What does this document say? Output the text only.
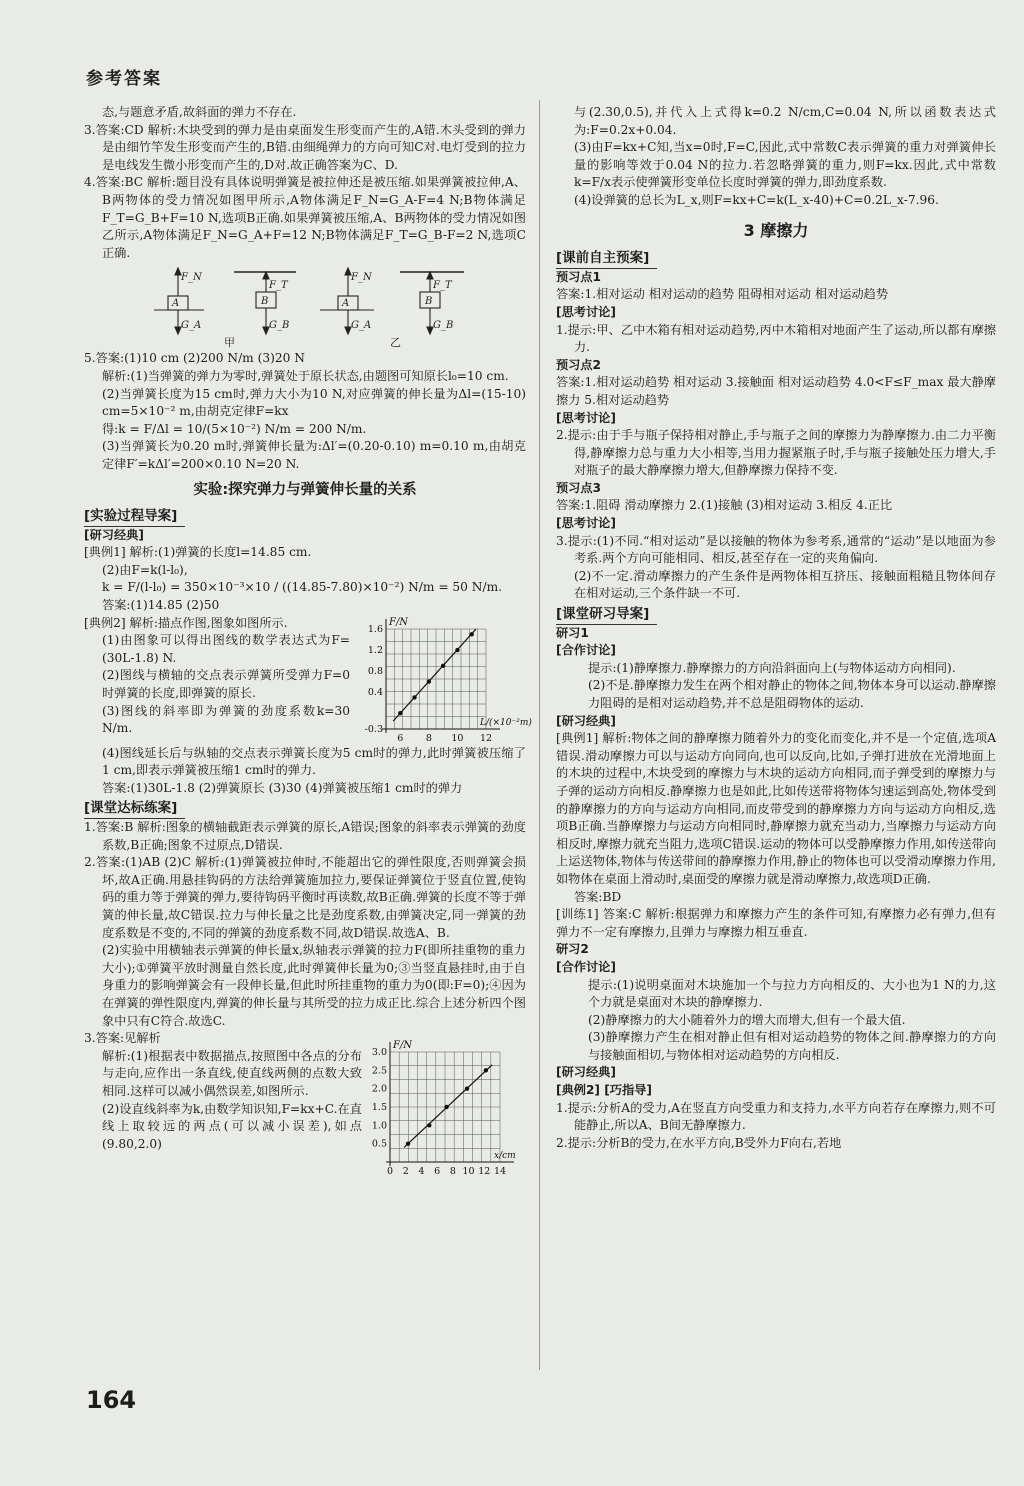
参考答案

态,与题意矛盾,故斜面的弹力不存在.

3.答案:CD 解析:木块受到的弹力是由桌面发生形变而产生的,A错.木头受到的弹力是由细竹竿发生形变而产生的,B错.由细绳弹力的方向可知C对.电灯受到的拉力是电线发生微小形变而产生的,D对.故正确答案为C、D.

4.答案:BC 解析:题目没有具体说明弹簧是被拉伸还是被压缩.如果弹簧被拉伸,A、B两物体的受力情况如图甲所示,A物体满足F_N=G_A-F=4 N;B物体满足F_T=G_B+F=10 N,选项B正确.如果弹簧被压缩,A、B两物体的受力情况如图乙所示,A物体满足F_N=G_A+F=12 N;B物体满足F_T=G_B-F=2 N,选项C正确.

F_N
A
G_A
F_T
B
G_B
F_N
A
G_A
F_T
B
G_B
甲	乙

5.答案:(1)10 cm (2)200 N/m (3)20 N

解析:(1)当弹簧的弹力为零时,弹簧处于原长状态,由题图可知原长l₀=10 cm.

(2)当弹簧长度为15 cm时,弹力大小为10 N,对应弹簧的伸长量为Δl=(15-10) cm=5×10⁻² m,由胡克定律F=kx

得:k = F/Δl = 10/(5×10⁻²) N/m = 200 N/m.

(3)当弹簧长为0.20 m时,弹簧伸长量为:Δl′=(0.20-0.10) m=0.10 m,由胡克定律F′=kΔl′=200×0.10 N=20 N.

实验:探究弹力与弹簧伸长量的关系
[实验过程导案]

[研习经典]

[典例1] 解析:(1)弹簧的长度l=14.85 cm.

(2)由F=k(l-l₀),

k = F/(l-l₀) = 350×10⁻³×10 / ((14.85-7.80)×10⁻²) N/m = 50 N/m.

答案:(1)14.85 (2)50

[典例2] 解析:描点作图,图象如图所示.

(1)由图象可以得出图线的数学表达式为F=(30L-1.8) N.

(2)图线与横轴的交点表示弹簧所受弹力F=0时弹簧的长度,即弹簧的原长.

(3)图线的斜率即为弹簧的劲度系数k=30 N/m.

F/N
L/(×10⁻²m)
1.6
1.2
0.8
0.4
-0.3
6 8 10 12

(4)图线延长后与纵轴的交点表示弹簧长度为5 cm时的弹力,此时弹簧被压缩了1 cm,即表示弹簧被压缩1 cm时的弹力.

答案:(1)30L-1.8 (2)弹簧原长 (3)30 (4)弹簧被压缩1 cm时的弹力

[课堂达标练案]

1.答案:B 解析:图象的横轴截距表示弹簧的原长,A错误;图象的斜率表示弹簧的劲度系数,B正确;图象不过原点,D错误.

2.答案:(1)AB (2)C 解析:(1)弹簧被拉伸时,不能超出它的弹性限度,否则弹簧会损坏,故A正确.用悬挂钩码的方法给弹簧施加拉力,要保证弹簧位于竖直位置,使钩码的重力等于弹簧的弹力,要待钩码平衡时再读数,故B正确.弹簧的长度不等于弹簧的伸长量,故C错误.拉力与伸长量之比是劲度系数,由弹簧决定,同一弹簧的劲度系数是不变的,不同的弹簧的劲度系数不同,故D错误.故选A、B.

(2)实验中用横轴表示弹簧的伸长量x,纵轴表示弹簧的拉力F(即所挂重物的重力大小);①弹簧平放时测量自然长度,此时弹簧伸长量为0;③当竖直悬挂时,由于自身重力的影响弹簧会有一段伸长量,但此时所挂重物的重力为0(即:F=0);④因为在弹簧的弹性限度内,弹簧的伸长量与其所受的拉力成正比.综合上述分析四个图象中只有C符合.故选C.

3.答案:见解析

解析:(1)根据表中数据描点,按照图中各点的分布与走向,应作出一条直线,使直线两侧的点数大致相同.这样可以减小偶然误差,如图所示.

(2)设直线斜率为k,由数学知识知,F=kx+C.在直线上取较远的两点(可以减小误差),如点(9.80,2.0)

F/N
x/cm
3.0
2.5
2.0
1.5
1.0
0.5
0 2 4 6 8 10 12 14

与(2.30,0.5),并代入上式得k=0.2 N/cm,C=0.04 N,所以函数表达式为:F=0.2x+0.04.

(3)由F=kx+C知,当x=0时,F=C,因此,式中常数C表示弹簧的重力对弹簧伸长量的影响等效于0.04 N的拉力.若忽略弹簧的重力,则F=kx.因此,式中常数k=F/x表示使弹簧形变单位长度时弹簧的弹力,即劲度系数.

(4)设弹簧的总长为L_x,则F=kx+C=k(L_x-40)+C=0.2L_x-7.96.

3 摩擦力
[课前自主预案]

预习点1

答案:1.相对运动 相对运动的趋势 阻碍相对运动 相对运动趋势

[思考讨论]

1.提示:甲、乙中木箱有相对运动趋势,丙中木箱相对地面产生了运动,所以都有摩擦力.

预习点2

答案:1.相对运动趋势 相对运动 3.接触面 相对运动趋势 4.0<F≤F_max 最大静摩擦力 5.相对运动趋势

[思考讨论]

2.提示:由于手与瓶子保持相对静止,手与瓶子之间的摩擦力为静摩擦力.由二力平衡得,静摩擦力总与重力大小相等,当用力握紧瓶子时,手与瓶子接触处压力增大,手对瓶子的最大静摩擦力增大,但静摩擦力保持不变.

预习点3

答案:1.阻碍 滑动摩擦力 2.(1)接触 (3)相对运动 3.相反 4.正比

[思考讨论]

3.提示:(1)不同.“相对运动”是以接触的物体为参考系,通常的“运动”是以地面为参考系.两个方向可能相同、相反,甚至存在一定的夹角偏向.

(2)不一定.滑动摩擦力的产生条件是两物体相互挤压、接触面粗糙且物体间存在相对运动,三个条件缺一不可.

[课堂研习导案]

研习1

[合作讨论]

提示:(1)静摩擦力.静摩擦力的方向沿斜面向上(与物体运动方向相同).

(2)不是.静摩擦力发生在两个相对静止的物体之间,物体本身可以运动.静摩擦力阻碍的是相对运动趋势,并不总是阻碍物体的运动.

[研习经典]

[典例1] 解析:物体之间的静摩擦力随着外力的变化而变化,并不是一个定值,选项A错误.滑动摩擦力可以与运动方向同向,也可以反向,比如,子弹打进放在光滑地面上的木块的过程中,木块受到的摩擦力与木块的运动方向相同,而子弹受到的摩擦力与子弹的运动方向相反.静摩擦力也是如此,比如传送带将物体匀速运到高处,物体受到的静摩擦力的方向与运动方向相同,而皮带受到的静摩擦力方向与运动方向相反,选项B正确.当静摩擦力与运动方向相同时,静摩擦力就充当动力,当摩擦力与运动方向相反时,摩擦力就充当阻力,选项C错误.运动的物体可以受静摩擦力作用,如传送带向上运送物体,物体与传送带间的静摩擦力作用,静止的物体也可以受滑动摩擦力作用,如物体在桌面上滑动时,桌面受的摩擦力就是滑动摩擦力,故选项D正确.

答案:BD

[训练1] 答案:C 解析:根据弹力和摩擦力产生的条件可知,有摩擦力必有弹力,但有弹力不一定有摩擦力,且弹力与摩擦力相互垂直.

研习2

[合作讨论]

提示:(1)说明桌面对木块施加一个与拉力方向相反的、大小也为1 N的力,这个力就是桌面对木块的静摩擦力.

(2)静摩擦力的大小随着外力的增大而增大,但有一个最大值.

(3)静摩擦力产生在相对静止但有相对运动趋势的物体之间.静摩擦力的方向与接触面相切,与物体相对运动趋势的方向相反.

[研习经典]

[典例2] [巧指导]

1.提示:分析A的受力,A在竖直方向受重力和支持力,水平方向若存在摩擦力,则不可能静止,所以A、B间无静摩擦力.

2.提示:分析B的受力,在水平方向,B受外力F向右,若地

164
